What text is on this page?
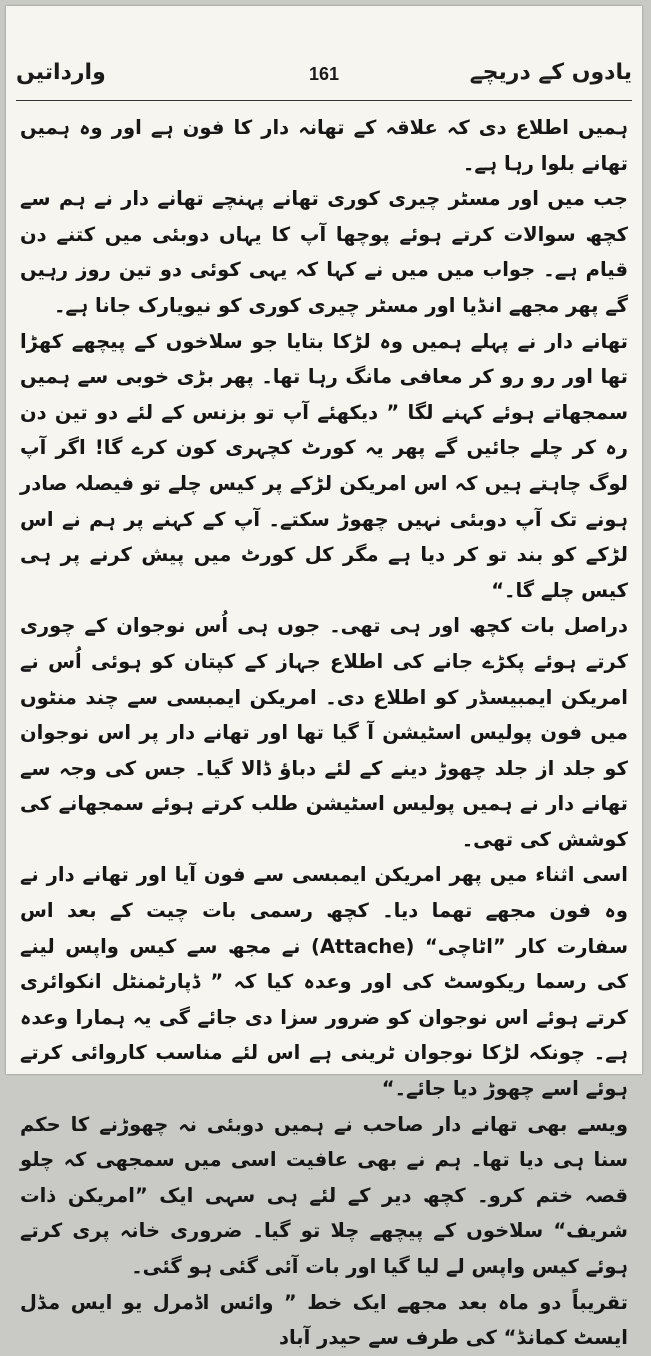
وارداتیں	161	یادوں کے دریچے

ہمیں اطلاع دی کہ علاقہ کے تھانہ دار کا فون ہے اور وہ ہمیں تھانے بلوا رہا ہے۔

جب میں اور مسٹر چیری کوری تھانے پہنچے تھانے دار نے ہم سے کچھ سوالات کرتے ہوئے پوچھا آپ کا یہاں دوبئی میں کتنے دن قیام ہے۔ جواب میں میں نے کہا کہ یہی کوئی دو تین روز رہیں گے پھر مجھے انڈیا اور مسٹر چیری کوری کو نیویارک جانا ہے۔

تھانے دار نے پہلے ہمیں وہ لڑکا بتایا جو سلاخوں کے پیچھے کھڑا تھا اور رو رو کر معافی مانگ رہا تھا۔ پھر بڑی خوبی سے ہمیں سمجھاتے ہوئے کہنے لگا ” دیکھئے آپ تو بزنس کے لئے دو تین دن رہ کر چلے جائیں گے پھر یہ کورٹ کچہری کون کرے گا! اگر آپ لوگ چاہتے ہیں کہ اس امریکن لڑکے پر کیس چلے تو فیصلہ صادر ہونے تک آپ دوبئی نہیں چھوڑ سکتے۔ آپ کے کہنے پر ہم نے اس لڑکے کو بند تو کر دیا ہے مگر کل کورٹ میں پیش کرنے پر ہی کیس چلے گا۔“

دراصل بات کچھ اور ہی تھی۔ جوں ہی اُس نوجوان کے چوری کرتے ہوئے پکڑے جانے کی اطلاع جہاز کے کپتان کو ہوئی اُس نے امریکن ایمبیسڈر کو اطلاع دی۔ امریکن ایمبسی سے چند منٹوں میں فون پولیس اسٹیشن آ گیا تھا اور تھانے دار پر اس نوجوان کو جلد از جلد چھوڑ دینے کے لئے دباؤ ڈالا گیا۔ جس کی وجہ سے تھانے دار نے ہمیں پولیس اسٹیشن طلب کرتے ہوئے سمجھانے کی کوشش کی تھی۔

اسی اثناء میں پھر امریکن ایمبسی سے فون آیا اور تھانے دار نے وہ فون مجھے تھما دیا۔ کچھ رسمی بات چیت کے بعد اس سفارت کار ”اٹاچی“ (Attache) نے مجھ سے کیس واپس لینے کی رسما ریکوسٹ کی اور وعدہ کیا کہ ” ڈپارٹمنٹل انکوائری کرتے ہوئے اس نوجوان کو ضرور سزا دی جائے گی یہ ہمارا وعدہ ہے۔ چونکہ لڑکا نوجوان ٹرینی ہے اس لئے مناسب کاروائی کرتے ہوئے اسے چھوڑ دیا جائے۔“

ویسے بھی تھانے دار صاحب نے ہمیں دوبئی نہ چھوڑنے کا حکم سنا ہی دیا تھا۔ ہم نے بھی عافیت اسی میں سمجھی کہ چلو قصہ ختم کرو۔ کچھ دیر کے لئے ہی سہی ایک ”امریکن ذات شریف“ سلاخوں کے پیچھے چلا تو گیا۔ ضروری خانہ پری کرتے ہوئے کیس واپس لے لیا گیا اور بات آئی گئی ہو گئی۔

تقریباً دو ماہ بعد مجھے ایک خط ” وائس اڈمرل یو ایس مڈل ایسٹ کمانڈ“ کی طرف سے حیدر آباد
